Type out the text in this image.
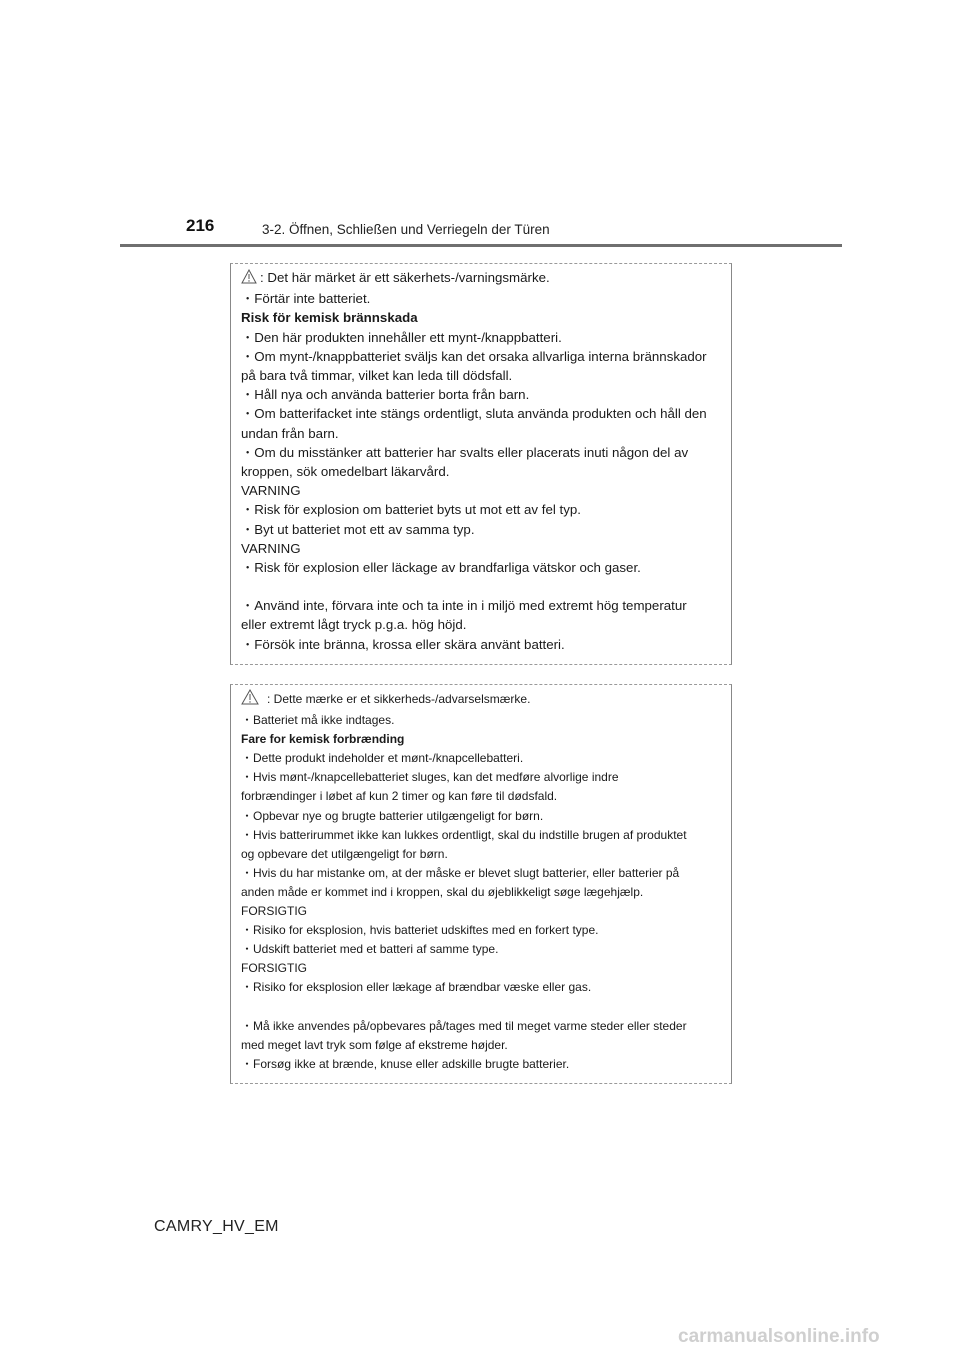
216	3-2. Öffnen, Schließen und Verriegeln der Türen

: Det här märket är ett säkerhets-/varningsmärke.

・Förtär inte batteriet.

Risk för kemisk brännskada

・Den här produkten innehåller ett mynt-/knappbatteri.

・Om mynt-/knappbatteriet sväljs kan det orsaka allvarliga interna brännskador

på bara två timmar, vilket kan leda till dödsfall.

・Håll nya och använda batterier borta från barn.

・Om batterifacket inte stängs ordentligt, sluta använda produkten och håll den

undan från barn.

・Om du misstänker att batterier har svalts eller placerats inuti någon del av

kroppen, sök omedelbart läkarvård.

VARNING

・Risk för explosion om batteriet byts ut mot ett av fel typ.

・Byt ut batteriet mot ett av samma typ.

VARNING

・Risk för explosion eller läckage av brandfarliga vätskor och gaser.

・Använd inte, förvara inte och ta inte in i miljö med extremt hög temperatur

eller extremt lågt tryck p.g.a. hög höjd.

・Försök inte bränna, krossa eller skära använt batteri.

: Dette mærke er et sikkerheds-/advarselsmærke.

・Batteriet må ikke indtages.

Fare for kemisk forbrænding

・Dette produkt indeholder et mønt-/knapcellebatteri.

・Hvis mønt-/knapcellebatteriet sluges, kan det medføre alvorlige indre

forbrændinger i løbet af kun 2 timer og kan føre til dødsfald.

・Opbevar nye og brugte batterier utilgængeligt for børn.

・Hvis batterirummet ikke kan lukkes ordentligt, skal du indstille brugen af produktet

og opbevare det utilgængeligt for børn.

・Hvis du har mistanke om, at der måske er blevet slugt batterier, eller batterier på

anden måde er kommet ind i kroppen, skal du øjeblikkeligt søge lægehjælp.

FORSIGTIG

・Risiko for eksplosion, hvis batteriet udskiftes med en forkert type.

・Udskift batteriet med et batteri af samme type.

FORSIGTIG

・Risiko for eksplosion eller lækage af brændbar væske eller gas.

・Må ikke anvendes på/opbevares på/tages med til meget varme steder eller steder

med meget lavt tryk som følge af ekstreme højder.

・Forsøg ikke at brænde, knuse eller adskille brugte batterier.

CAMRY_HV_EM
carmanualsonline.info
